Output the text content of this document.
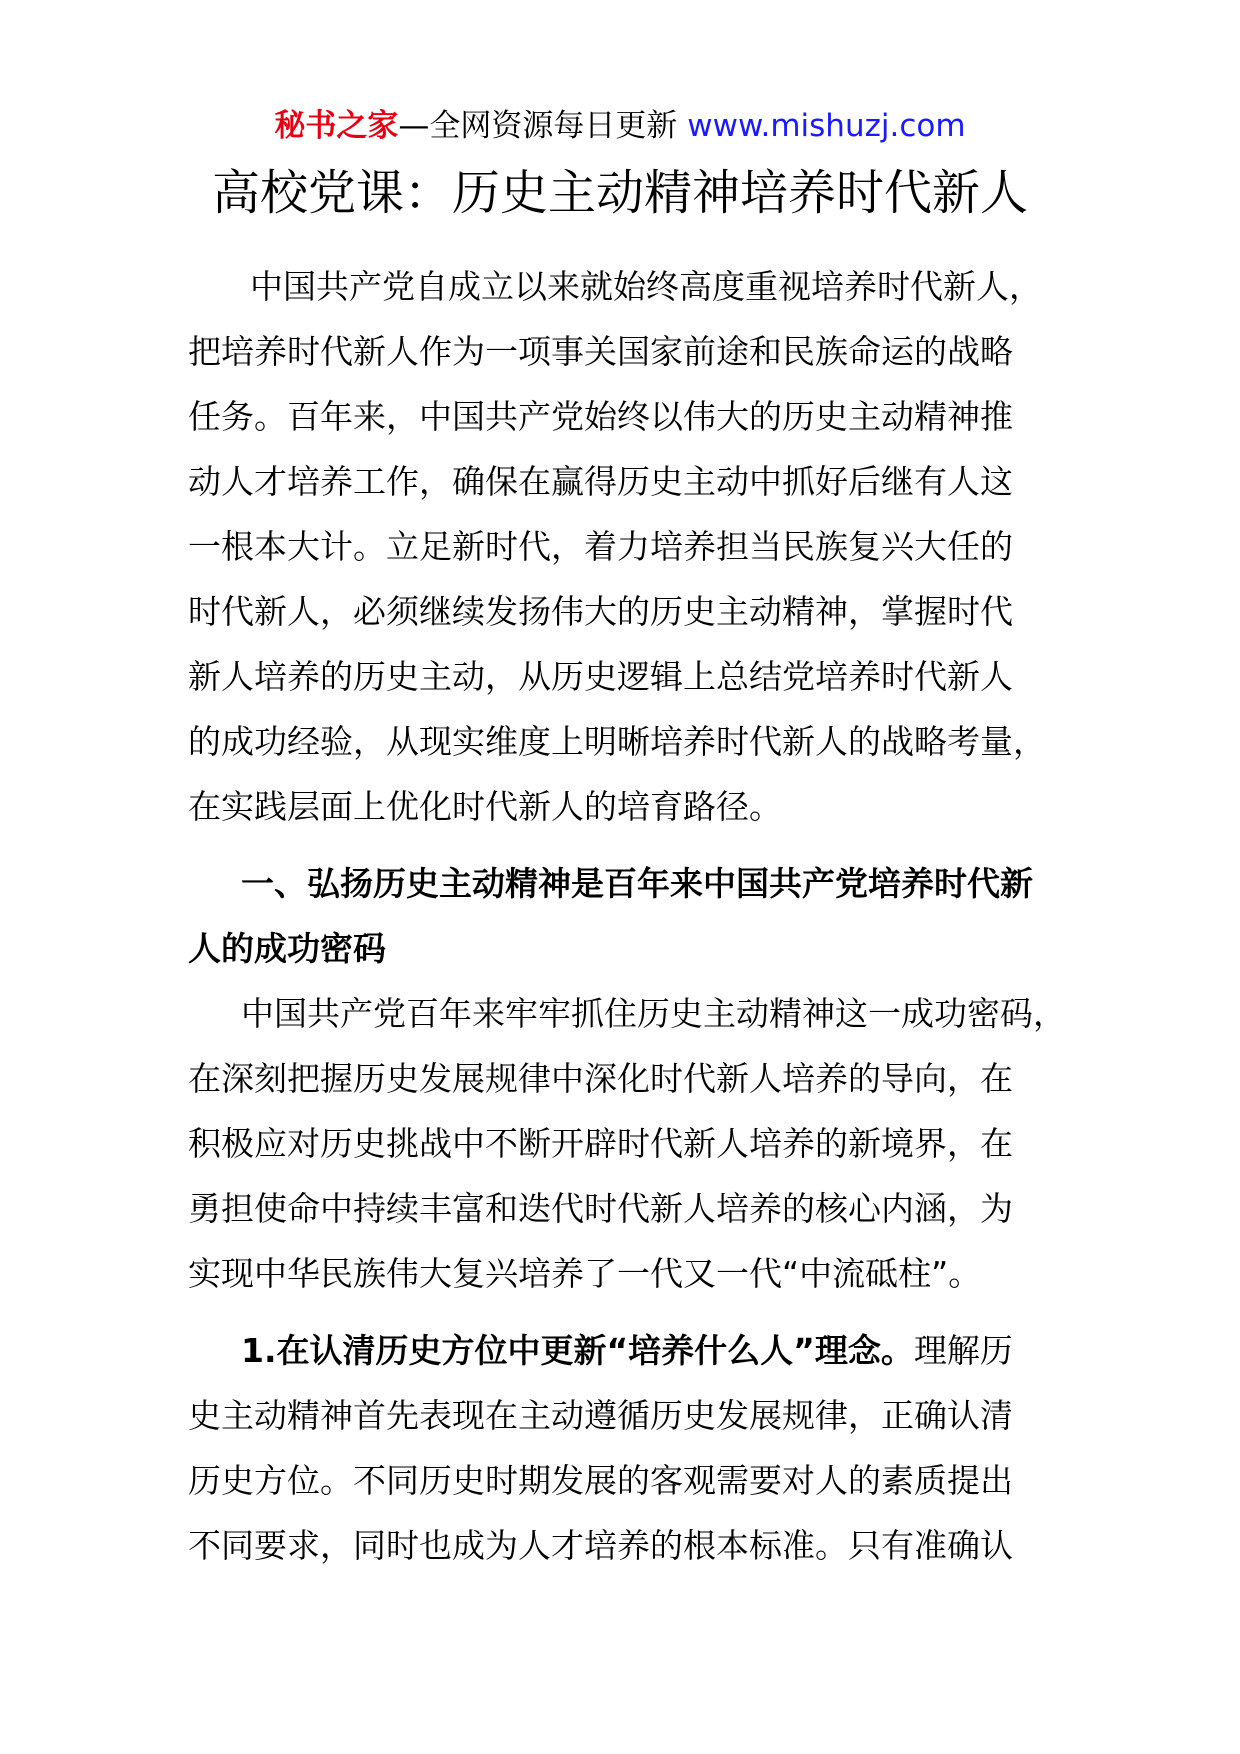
秘书之家—全网资源每日更新 www.mishuzj.com
高校党课：历史主动精神培养时代新人
中国共产党自成立以来就始终高度重视培养时代新人，
把培养时代新人作为一项事关国家前途和民族命运的战略
任务。百年来，中国共产党始终以伟大的历史主动精神推
动人才培养工作，确保在赢得历史主动中抓好后继有人这
一根本大计。立足新时代，着力培养担当民族复兴大任的
时代新人，必须继续发扬伟大的历史主动精神，掌握时代
新人培养的历史主动，从历史逻辑上总结党培养时代新人
的成功经验，从现实维度上明晰培养时代新人的战略考量，
在实践层面上优化时代新人的培育路径。
一、弘扬历史主动精神是百年来中国共产党培养时代新
人的成功密码
中国共产党百年来牢牢抓住历史主动精神这一成功密码，
在深刻把握历史发展规律中深化时代新人培养的导向，在
积极应对历史挑战中不断开辟时代新人培养的新境界，在
勇担使命中持续丰富和迭代时代新人培养的核心内涵，为
实现中华民族伟大复兴培养了一代又一代“中流砥柱”。
1.在认清历史方位中更新“培养什么人”理念。理解历
史主动精神首先表现在主动遵循历史发展规律，正确认清
历史方位。不同历史时期发展的客观需要对人的素质提出
不同要求，同时也成为人才培养的根本标准。只有准确认
